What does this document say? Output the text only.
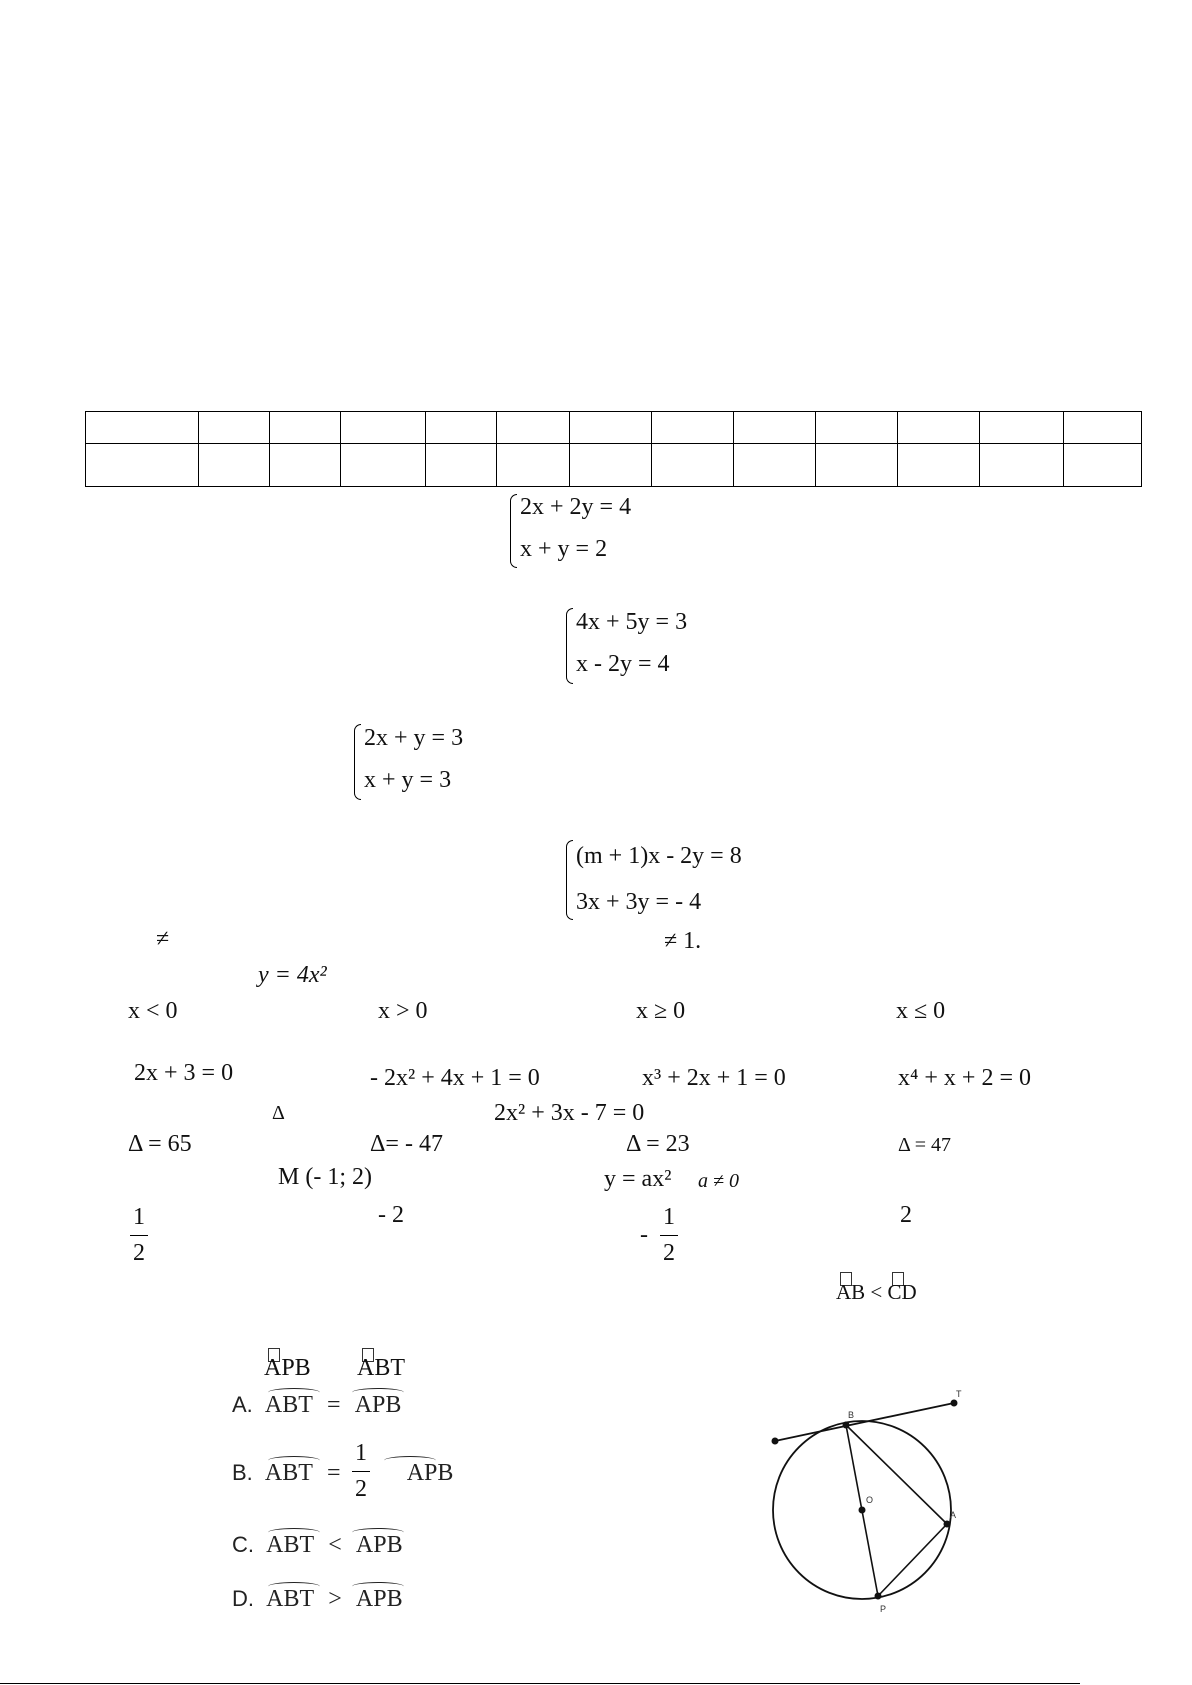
2x + 2y = 4
x + y = 2
4x + 5y = 3
x - 2y = 4
2x + y = 3
x + y = 3
(m + 1)x - 2y = 8
3x + 3y = - 4
≠	≠ 1.
y = 4x²
x < 0	x > 0	x ≥ 0	x ≤ 0
2x + 3 = 0	- 2x² + 4x + 1 = 0	x³ + 2x + 1 = 0	x⁴ + x + 2 = 0
Δ	2x² + 3x - 7 = 0
Δ = 65	Δ= - 47	Δ = 23	Δ = 47
M (- 1; 2)	y = ax² a ≠ 0
1
2
- 2
-
1
2
2
AB < CD
APB ABT
A. ABT = APB
B. ABT =	APB
1
2
C. ABT < APB
D. ABT > APB
T
B
O
A
P
